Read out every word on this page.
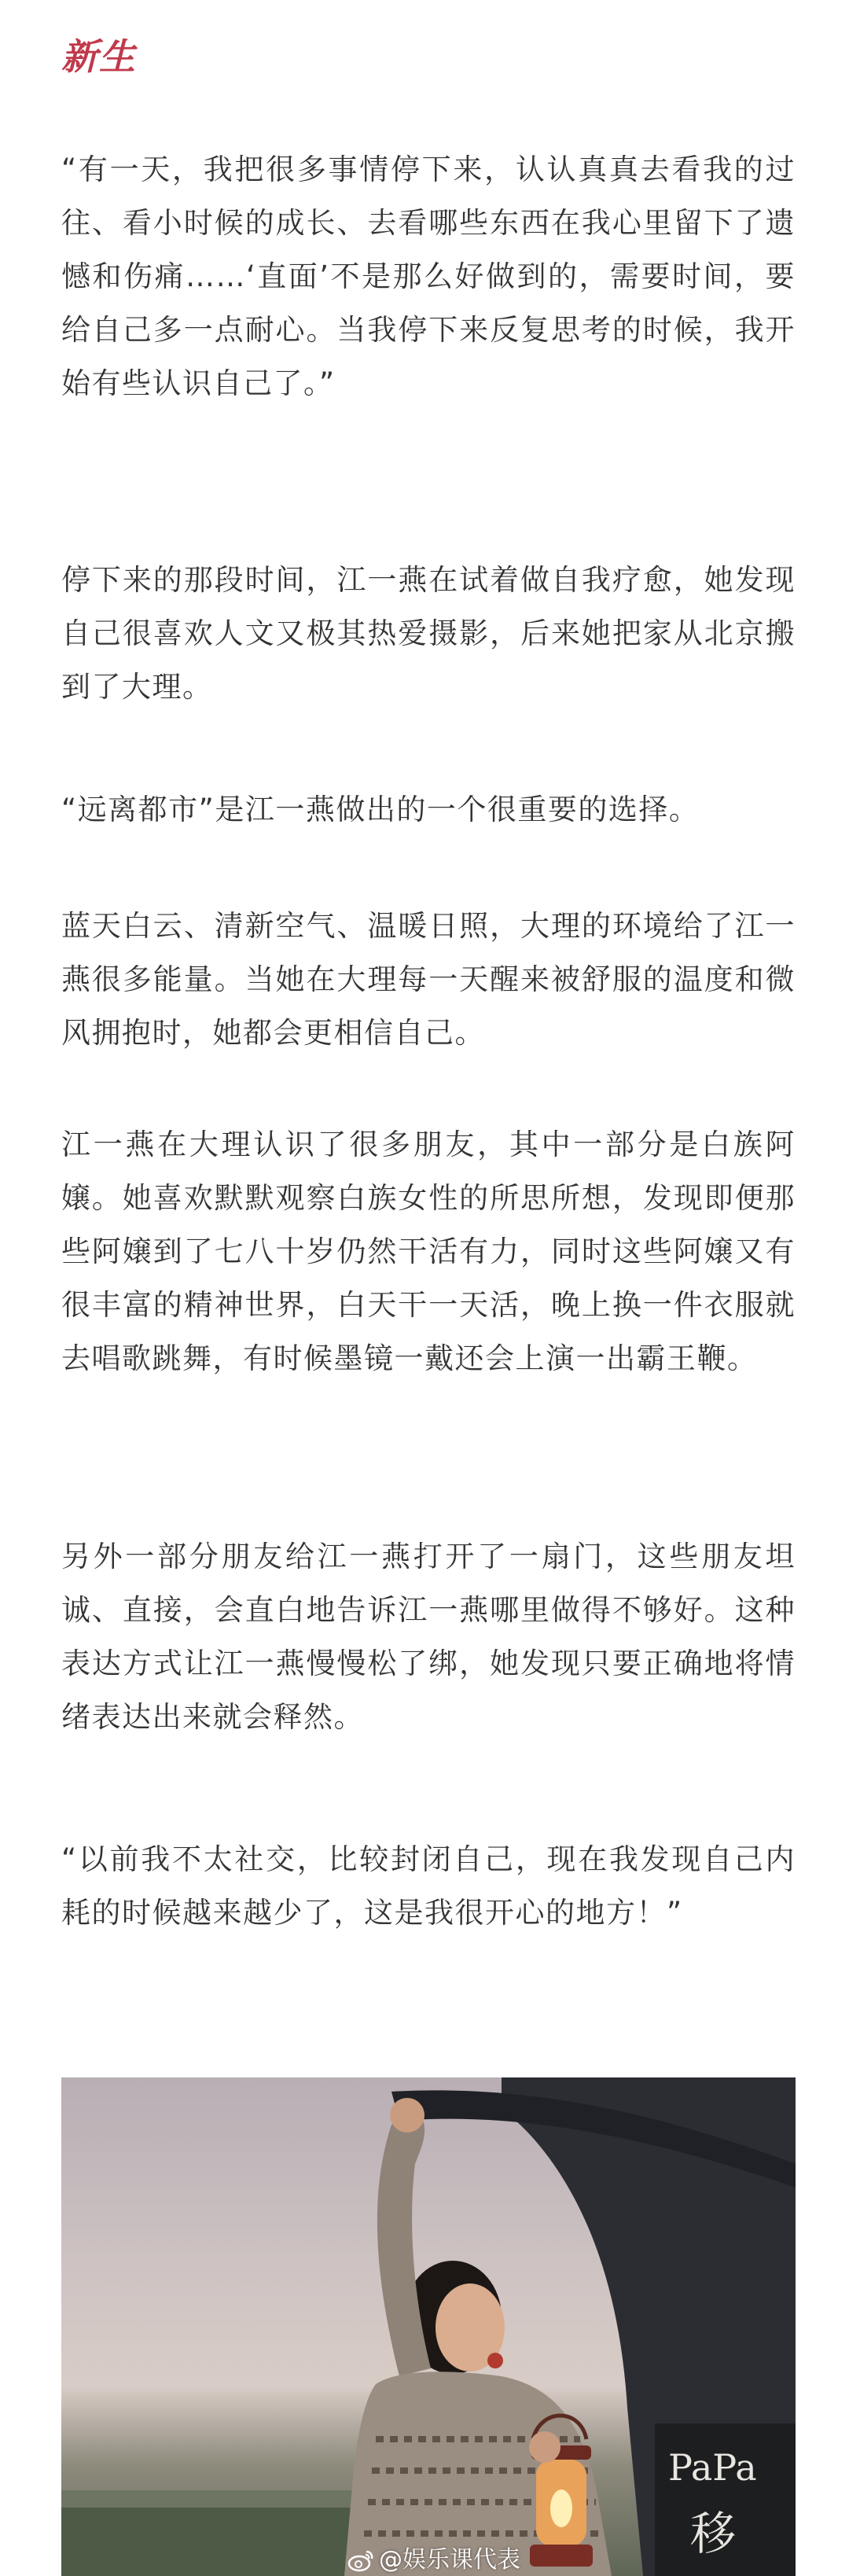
新生

“有一天，我把很多事情停下来，认认真真去看我的过往、看小时候的成长、去看哪些东西在我心里留下了遗憾和伤痛……‘直面’不是那么好做到的，需要时间，要给自己多一点耐心。当我停下来反复思考的时候，我开始有些认识自己了。”

停下来的那段时间，江一燕在试着做自我疗愈，她发现自己很喜欢人文又极其热爱摄影，后来她把家从北京搬到了大理。

“远离都市”是江一燕做出的一个很重要的选择。

蓝天白云、清新空气、温暖日照，大理的环境给了江一燕很多能量。当她在大理每一天醒来被舒服的温度和微风拥抱时，她都会更相信自己。

江一燕在大理认识了很多朋友，其中一部分是白族阿嬢。她喜欢默默观察白族女性的所思所想，发现即便那些阿嬢到了七八十岁仍然干活有力，同时这些阿嬢又有很丰富的精神世界，白天干一天活，晚上换一件衣服就去唱歌跳舞，有时候墨镜一戴还会上演一出霸王鞭。

另外一部分朋友给江一燕打开了一扇门，这些朋友坦诚、直接，会直白地告诉江一燕哪里做得不够好。这种表达方式让江一燕慢慢松了绑，她发现只要正确地将情绪表达出来就会释然。

“以前我不太社交，比较封闭自己，现在我发现自己内耗的时候越来越少了，这是我很开心的地方！”

PaPa
移
@娱乐课代表
